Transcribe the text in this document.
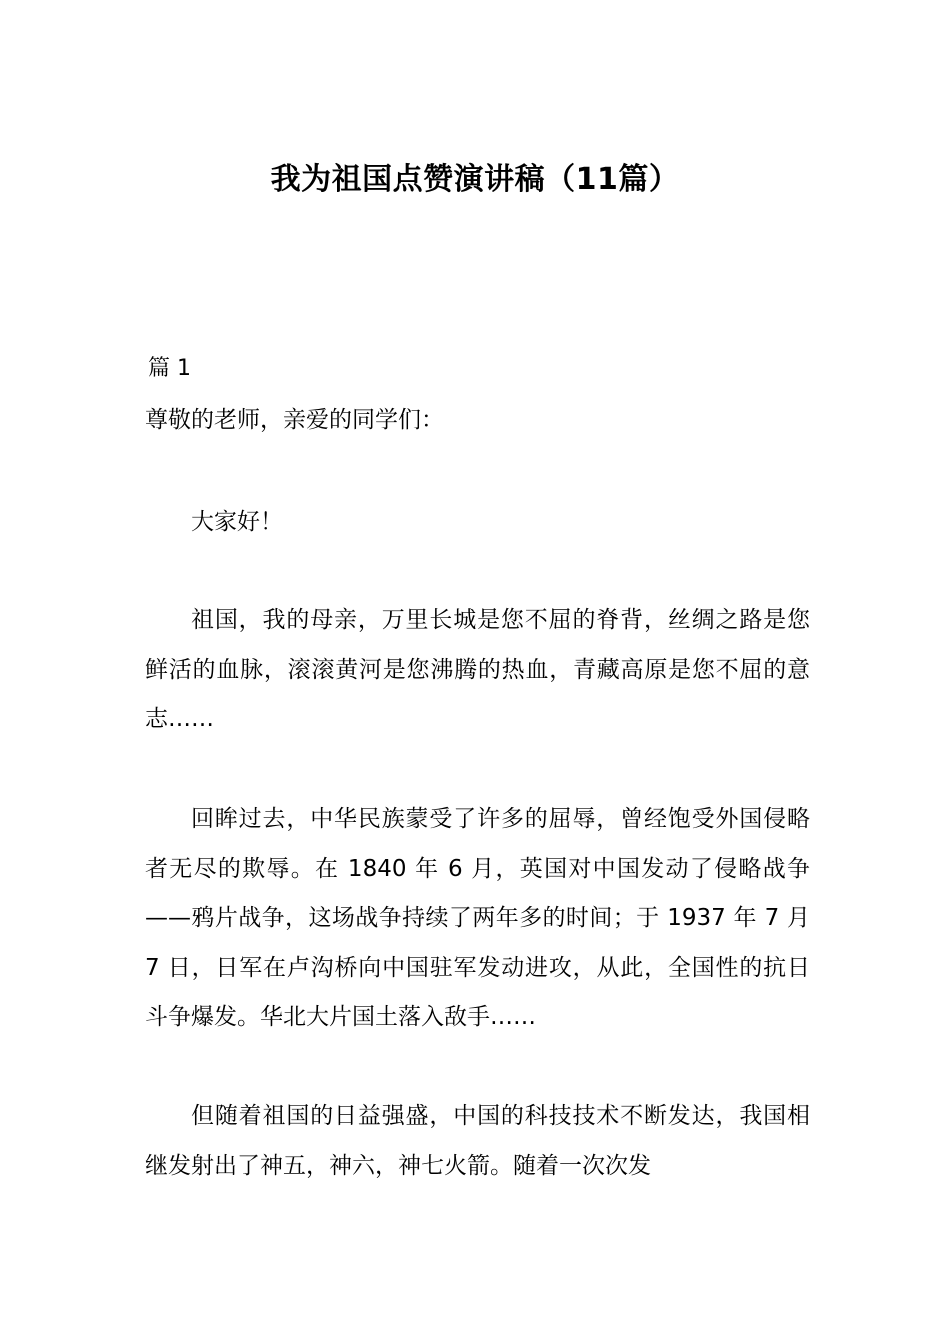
我为祖国点赞演讲稿（11篇）
篇 1

尊敬的老师，亲爱的同学们：

大家好！

祖国，我的母亲，万里长城是您不屈的脊背，丝绸之路是您鲜活的血脉，滚滚黄河是您沸腾的热血，青藏高原是您不屈的意志……

回眸过去，中华民族蒙受了许多的屈辱，曾经饱受外国侵略者无尽的欺辱。在 1840 年 6 月，英国对中国发动了侵略战争——鸦片战争，这场战争持续了两年多的时间；于 1937 年 7 月 7 日，日军在卢沟桥向中国驻军发动进攻，从此，全国性的抗日斗争爆发。华北大片国土落入敌手……

但随着祖国的日益强盛，中国的科技技术不断发达，我国相继发射出了神五，神六，神七火箭。随着一次次发
